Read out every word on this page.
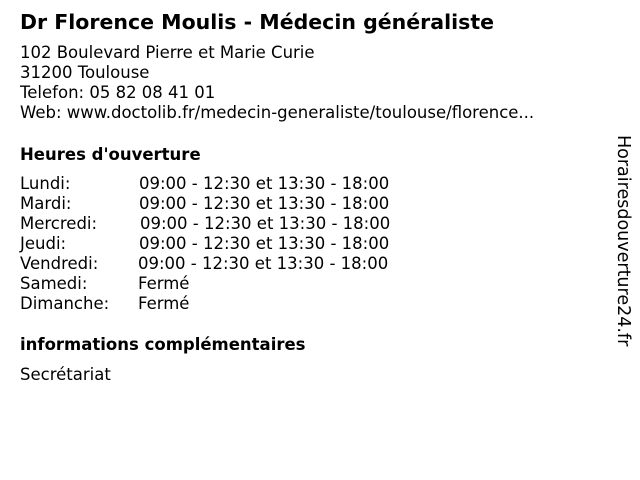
Dr Florence Moulis - Médecin généraliste
102 Boulevard Pierre et Marie Curie
31200 Toulouse
Telefon: 05 82 08 41 01
Web: www.doctolib.fr/medecin-generaliste/toulouse/florence...
Heures d'ouverture
Lundi:	09:00 - 12:30 et 13:30 - 18:00
Mardi:	09:00 - 12:30 et 13:30 - 18:00
Mercredi:	09:00 - 12:30 et 13:30 - 18:00
Jeudi:	09:00 - 12:30 et 13:30 - 18:00
Vendredi: 09:00 - 12:30 et 13:30 - 18:00
Samedi:	Fermé
Dimanche: Fermé
informations complémentaires
Secrétariat
Horairesdouverture24.fr
